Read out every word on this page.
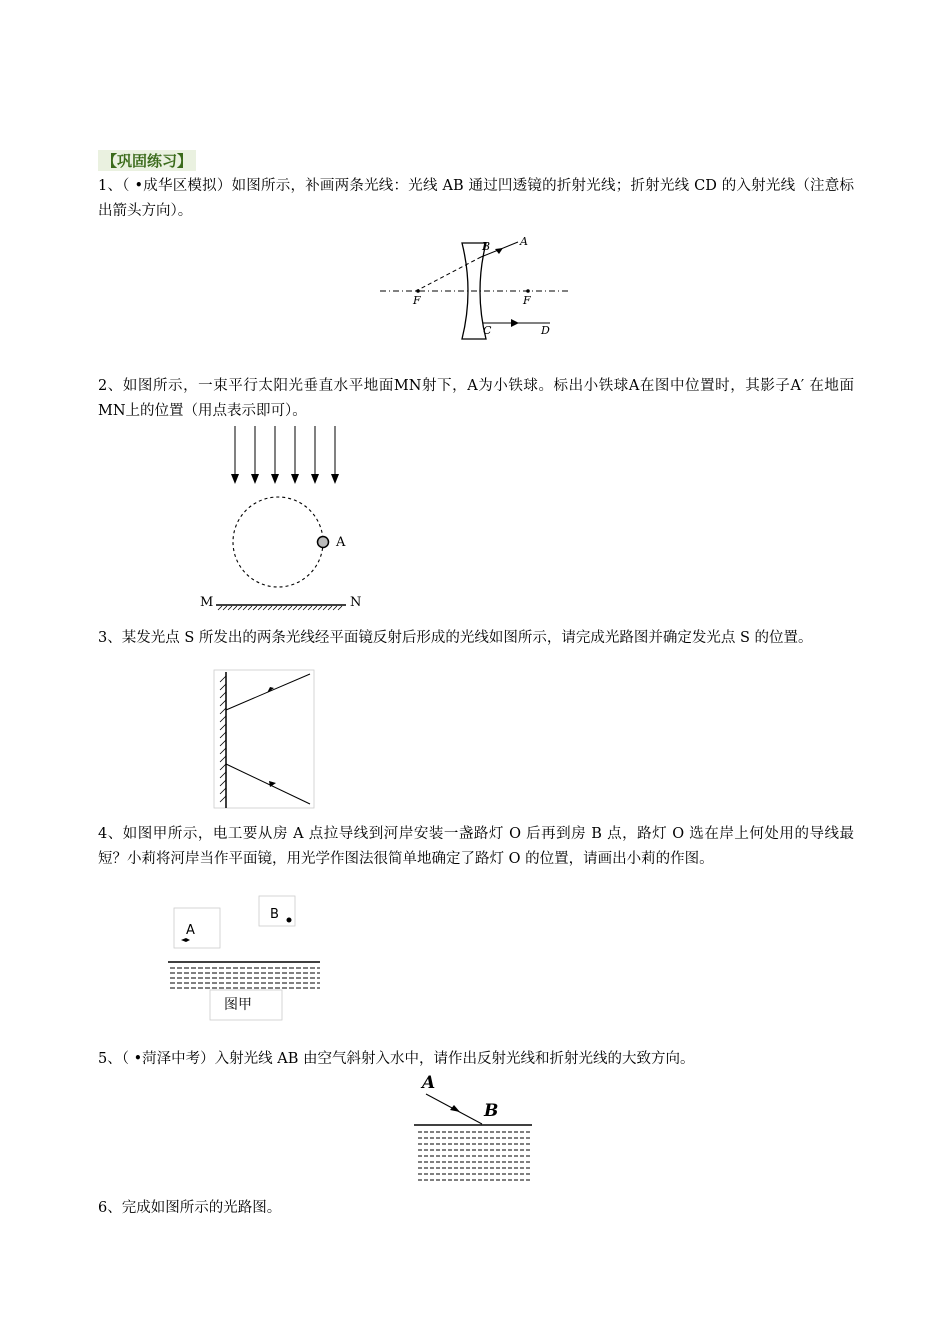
【巩固练习】
1、（ •成华区模拟）如图所示，补画两条光线：光线 AB 通过凹透镜的折射光线；折射光线 CD 的入射光线（注意标出箭头方向）。
A
B
F	F
C	D
2、如图所示，一束平行太阳光垂直水平地面MN射下，A为小铁球。标出小铁球A在图中位置时，其影子A′ 在地面MN上的位置（用点表示即可）。
A
M	N
3、某发光点 S 所发出的两条光线经平面镜反射后形成的光线如图所示，请完成光路图并确定发光点 S 的位置。
4、如图甲所示，电工要从房 A 点拉导线到河岸安装一盏路灯 O 后再到房 B 点，路灯 O 选在岸上何处用的导线最短？小莉将河岸当作平面镜，用光学作图法很简单地确定了路灯 O 的位置，请画出小莉的作图。
A
B
图甲
5、（ •菏泽中考）入射光线 AB 由空气斜射入水中，请作出反射光线和折射光线的大致方向。
A
B
6、完成如图所示的光路图。
